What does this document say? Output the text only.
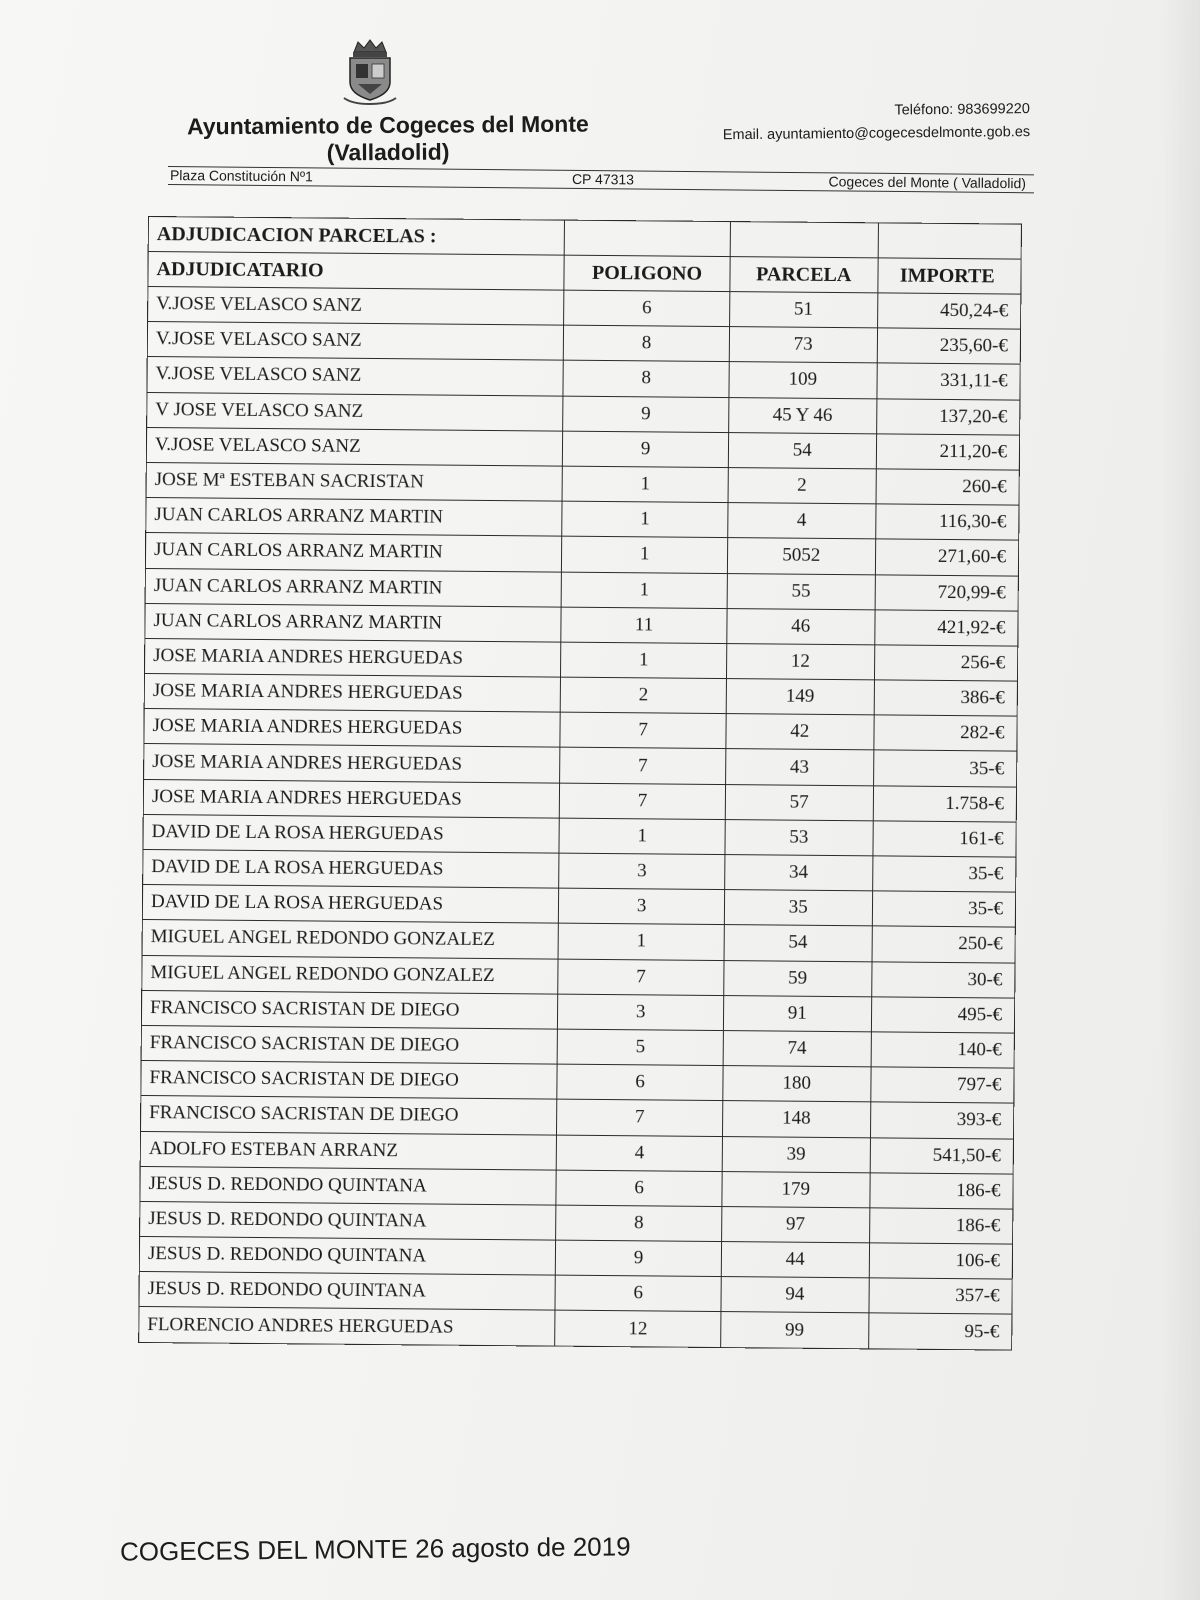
Ayuntamiento de Cogeces del Monte
(Valladolid)
Teléfono: 983699220
Email. ayuntamiento@cogecesdelmonte.gob.es
Plaza Constitución Nº1	CP 47313	Cogeces del Monte ( Valladolid)
ADJUDICACION PARCELAS :			
ADJUDICATARIO	POLIGONO	PARCELA	IMPORTE
V.JOSE VELASCO SANZ	6	51	450,24-€
V.JOSE VELASCO SANZ	8	73	235,60-€
V.JOSE VELASCO SANZ	8	109	331,11-€
V JOSE VELASCO SANZ	9	45 Y 46	137,20-€
V.JOSE VELASCO SANZ	9	54	211,20-€
JOSE Mª ESTEBAN SACRISTAN	1	2	260-€
JUAN CARLOS ARRANZ MARTIN	1	4	116,30-€
JUAN CARLOS ARRANZ MARTIN	1	5052	271,60-€
JUAN CARLOS ARRANZ MARTIN	1	55	720,99-€
JUAN CARLOS ARRANZ MARTIN	11	46	421,92-€
JOSE MARIA ANDRES HERGUEDAS	1	12	256-€
JOSE MARIA ANDRES HERGUEDAS	2	149	386-€
JOSE MARIA ANDRES HERGUEDAS	7	42	282-€
JOSE MARIA ANDRES HERGUEDAS	7	43	35-€
JOSE MARIA ANDRES HERGUEDAS	7	57	1.758-€
DAVID DE LA ROSA HERGUEDAS	1	53	161-€
DAVID DE LA ROSA HERGUEDAS	3	34	35-€
DAVID DE LA ROSA HERGUEDAS	3	35	35-€
MIGUEL ANGEL REDONDO GONZALEZ	1	54	250-€
MIGUEL ANGEL REDONDO GONZALEZ	7	59	30-€
FRANCISCO SACRISTAN DE DIEGO	3	91	495-€
FRANCISCO SACRISTAN DE DIEGO	5	74	140-€
FRANCISCO SACRISTAN DE DIEGO	6	180	797-€
FRANCISCO SACRISTAN DE DIEGO	7	148	393-€
ADOLFO ESTEBAN ARRANZ	4	39	541,50-€
JESUS D. REDONDO QUINTANA	6	179	186-€
JESUS D. REDONDO QUINTANA	8	97	186-€
JESUS D. REDONDO QUINTANA	9	44	106-€
JESUS D. REDONDO QUINTANA	6	94	357-€
FLORENCIO ANDRES HERGUEDAS	12	99	95-€
COGECES DEL MONTE 26 agosto de 2019
